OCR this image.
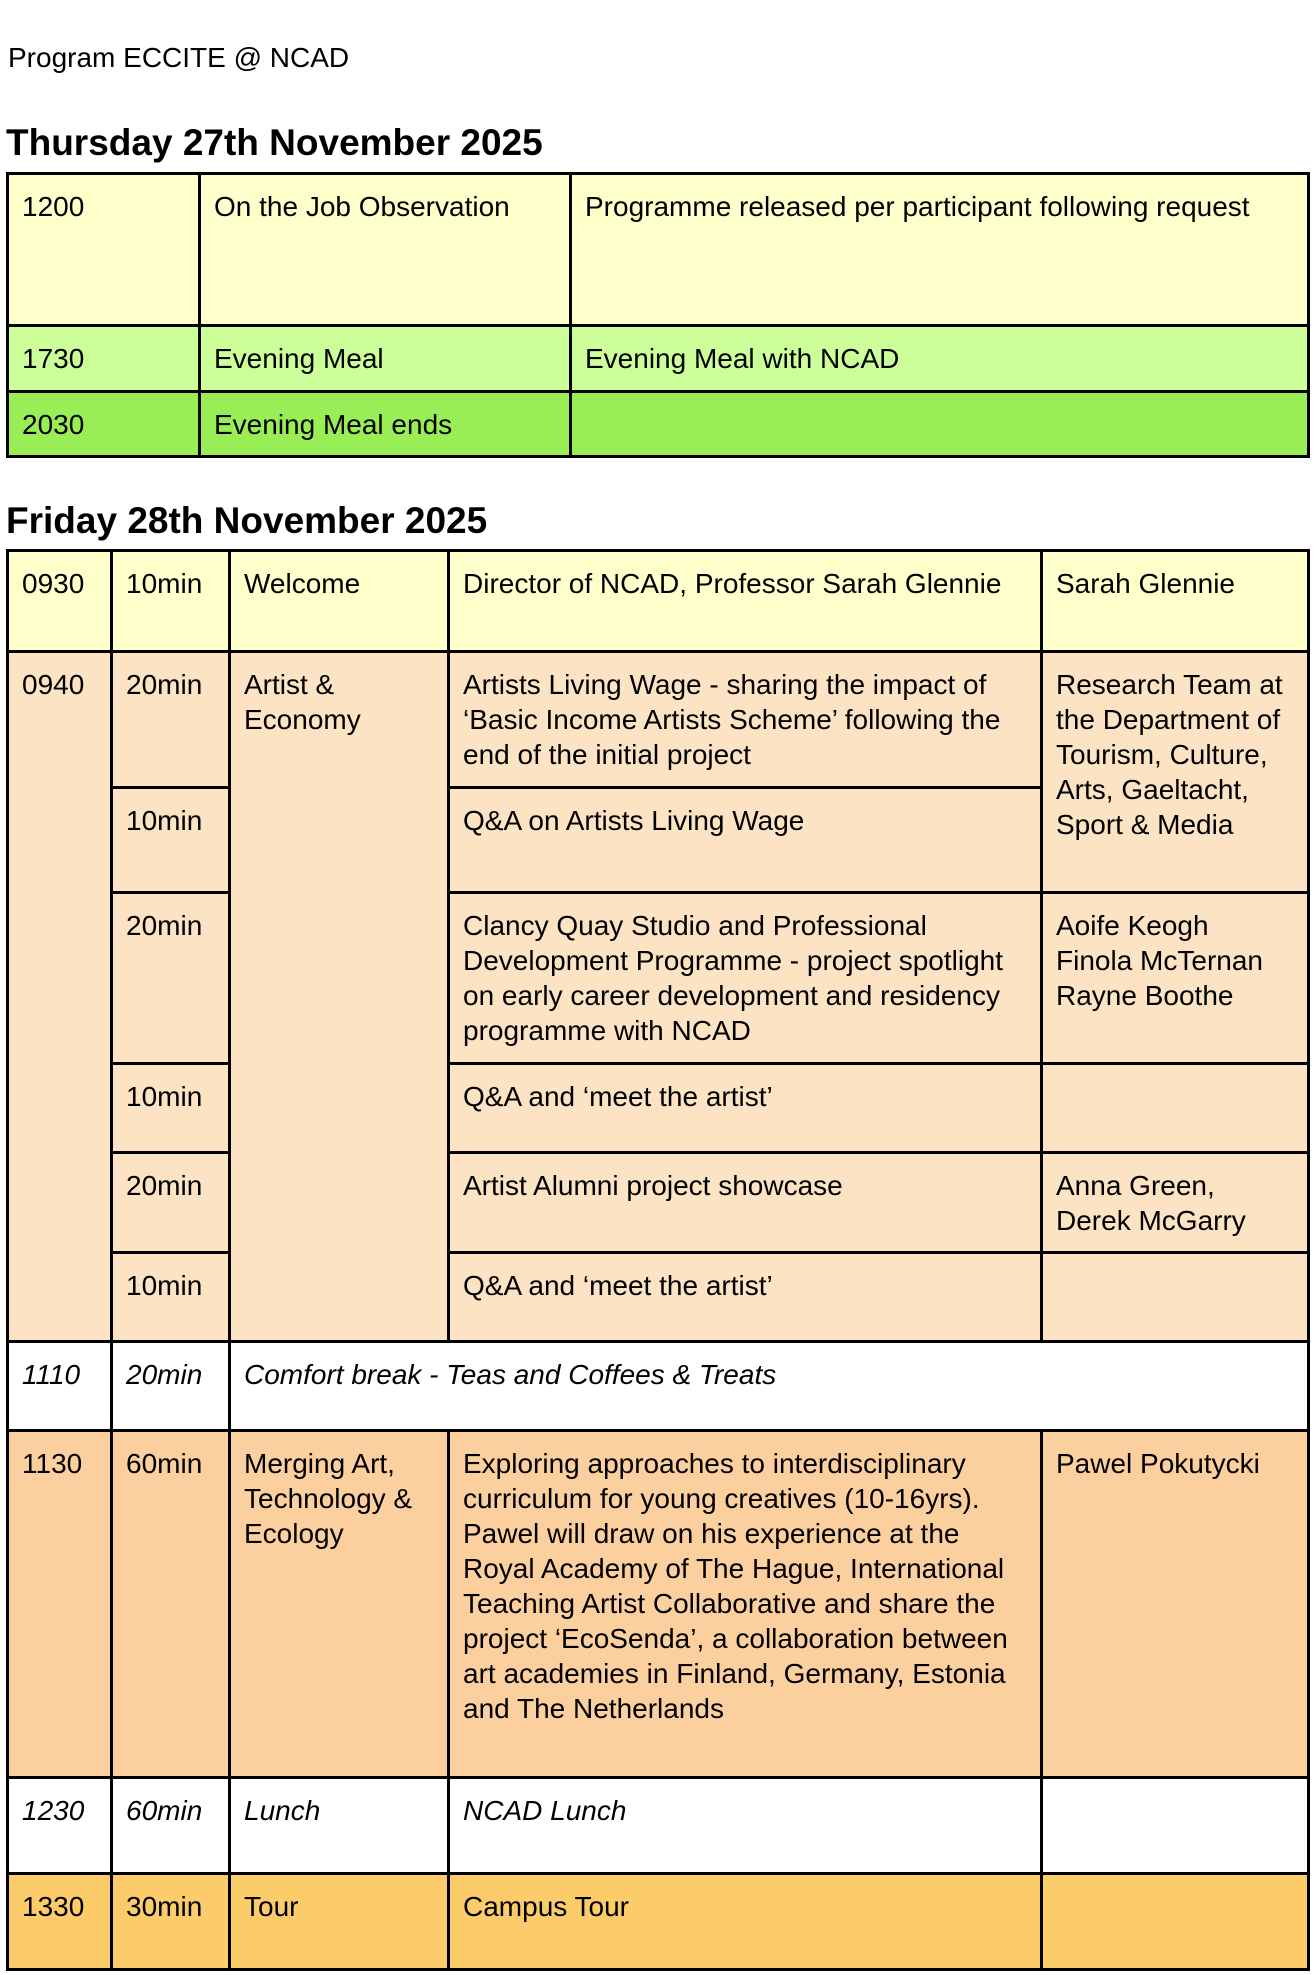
Program ECCITE @ NCAD
Thursday 27th November 2025
1200	On the Job Observation	Programme released per participant following request
1730	Evening Meal	Evening Meal with NCAD
2030	Evening Meal ends	
Friday 28th November 2025
0930	10min	Welcome	Director of NCAD, Professor Sarah Glennie	Sarah Glennie
0940	20min	Artist & Economy	Artists Living Wage - sharing the impact of ‘Basic Income Artists Scheme’ following the end of the initial project	Research Team at the Department of Tourism, Culture, Arts, Gaeltacht, Sport & Media
	10min		Q&A on Artists Living Wage	
	20min		Clancy Quay Studio and Professional Development Programme - project spotlight on early career development and residency programme with NCAD	Aoife Keogh
Finola McTernan
Rayne Boothe

	10min		Q&A and ‘meet the artist’	
	20min		Artist Alumni project showcase	Anna Green, Derek McGarry
	10min		Q&A and ‘meet the artist’	
1110	20min	Comfort break - Teas and Coffees & Treats		
1130	60min	Merging Art, Technology & Ecology	Exploring approaches to interdisciplinary curriculum for young creatives (10-16yrs). Pawel will draw on his experience at the Royal Academy of The Hague, International Teaching Artist Collaborative and share the project ‘EcoSenda’, a collaboration between art academies in Finland, Germany, Estonia and The Netherlands	Pawel Pokutycki
1230	60min	Lunch	NCAD Lunch	
1330	30min	Tour	Campus Tour	
